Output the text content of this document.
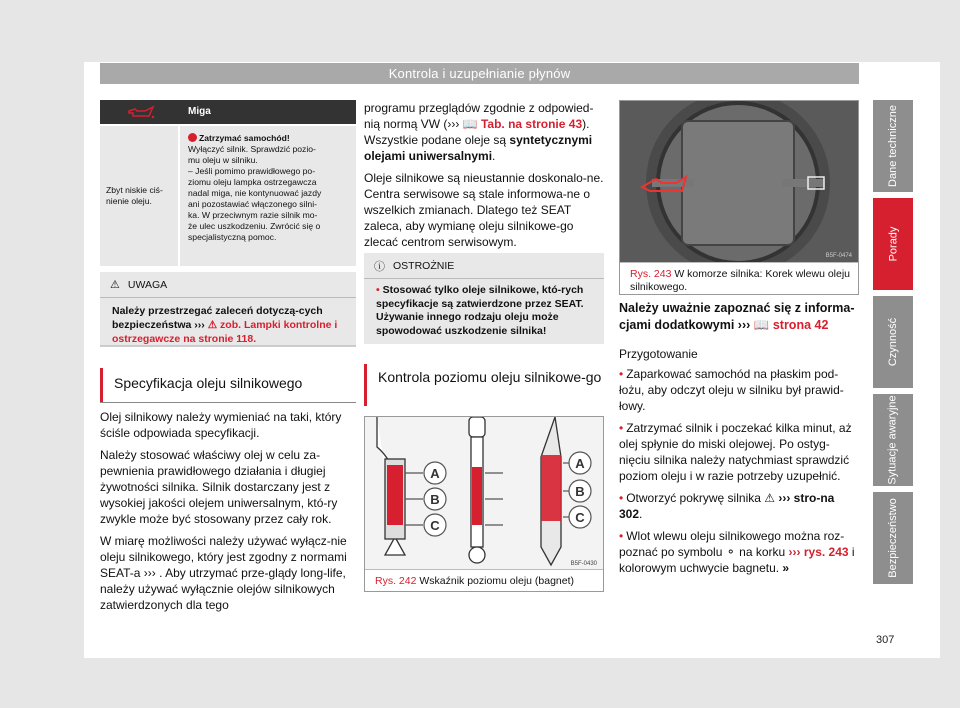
Kontrola i uzupełnianie płynów
Miga
Zbyt niskie ciś-nienie oleju.
Zatrzymać samochód!
Wyłączyć silnik. Sprawdzić pozio-
mu oleju w silniku.
– Jeśli pomimo prawidłowego po-
ziomu oleju lampka ostrzegawcza
nadal miga, nie kontynuować jazdy
ani pozostawiać włączonego silni-
ka. W przeciwnym razie silnik mo-
że ulec uszkodzeniu. Zwrócić się o
specjalistyczną pomoc.
⚠ UWAGA
Należy przestrzegać zaleceń dotyczą-cych bezpieczeństwa ››› ⚠ zob. Lampki kontrolne i ostrzegawcze na stronie 118.
Specyfikacja oleju silnikowego

Olej silnikowy należy wymieniać na taki, który ściśle odpowiada specyfikacji.

Należy stosować właściwy olej w celu za-pewnienia prawidłowego działania i długiej żywotności silnika. Silnik dostarczany jest z wysokiej jakości olejem uniwersalnym, któ-ry zwykle może być stosowany przez cały rok.

W miarę możliwości należy używać wyłącz-nie oleju silnikowego, który jest zgodny z normami SEAT-a ››› . Aby utrzymać prze-glądy long-life, należy używać wyłącznie olejów silnikowych zatwierdzonych dla tego

programu przeglądów zgodnie z odpowied-nią normą VW (››› 📖 Tab. na stronie 43). Wszystkie podane oleje są syntetycznymi olejami uniwersalnymi.

Oleje silnikowe są nieustannie doskonalo-ne. Centra serwisowe są stale informowa-ne o wszelkich zmianach. Dlatego też SEAT zaleca, aby wymianę oleju silnikowe-go zlecać centrom serwisowym.

ⓘ OSTROŻNIE
• Stosować tylko oleje silnikowe, któ-rych specyfikacje są zatwierdzone przez SEAT. Używanie innego rodzaju oleju może spowodować uszkodzenie silnika!
Kontrola poziomu oleju silnikowe-go
A
B
C
A
B
C
B5F-0430
Rys. 242 Wskaźnik poziomu oleju (bagnet)
B5F-0474
Rys. 243 W komorze silnika: Korek wlewu oleju silnikowego.

Należy uważnie zapoznać się z informa-cjami dodatkowymi ››› 📖 strona 42

Przygotowanie

• Zaparkować samochód na płaskim pod-łożu, aby odczyt oleju w silniku był prawid-łowy.

• Zatrzymać silnik i poczekać kilka minut, aż olej spłynie do miski olejowej. Po ostyg-nięciu silnika należy natychmiast sprawdzić poziom oleju i w razie potrzeby uzupełnić.

• Otworzyć pokrywę silnika ⚠ ››› stro-na 302.

• Wlot wlewu oleju silnikowego można roz-poznać po symbolu ⚬ na korku ››› rys. 243 i kolorowym uchwycie bagnetu. »

Dane techniczne
Porady
Czynność
Sytuacje awaryjne
Bezpieczeństwo
307
